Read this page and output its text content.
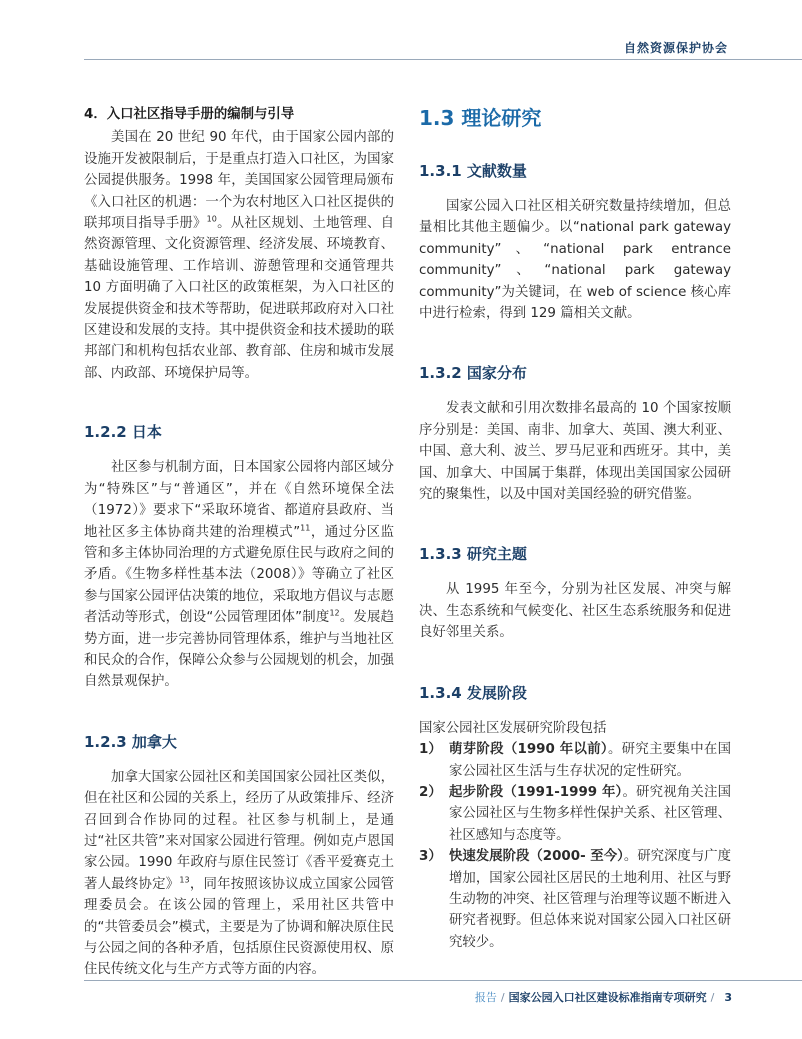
自然资源保护协会
4．入口社区指导手册的编制与引导

美国在 20 世纪 90 年代，由于国家公园内部的设施开发被限制后，于是重点打造入口社区，为国家公园提供服务。1998 年，美国国家公园管理局颁布《入口社区的机遇：一个为农村地区入口社区提供的联邦项目指导手册》$^{10}$。从社区规划、土地管理、自然资源管理、文化资源管理、经济发展、环境教育、基础设施管理、工作培训、游憩管理和交通管理共 10 方面明确了入口社区的政策框架，为入口社区的发展提供资金和技术等帮助，促进联邦政府对入口社区建设和发展的支持。其中提供资金和技术援助的联邦部门和机构包括农业部、教育部、住房和城市发展部、内政部、环境保护局等。

1.2.2 日本

社区参与机制方面，日本国家公园将内部区域分为“特殊区”与“普通区”，并在《自然环境保全法（1972）》要求下“采取环境省、都道府县政府、当地社区多主体协商共建的治理模式”$^{11}$，通过分区监管和多主体协同治理的方式避免原住民与政府之间的矛盾。《生物多样性基本法（2008）》等确立了社区参与国家公园评估决策的地位，采取地方倡议与志愿者活动等形式，创设“公园管理团体”制度$^{12}$。发展趋势方面，进一步完善协同管理体系，维护与当地社区和民众的合作，保障公众参与公园规划的机会，加强自然景观保护。

1.2.3 加拿大

加拿大国家公园社区和美国国家公园社区类似，但在社区和公园的关系上，经历了从政策排斥、经济召回到合作协同的过程。社区参与机制上，是通过“社区共管”来对国家公园进行管理。例如克卢恩国家公园。1990 年政府与原住民签订《香平爱赛克土著人最终协定》$^{13}$，同年按照该协议成立国家公园管理委员会。在该公园的管理上，采用社区共管中的“共管委员会”模式，主要是为了协调和解决原住民与公园之间的各种矛盾，包括原住民资源使用权、原住民传统文化与生产方式等方面的内容。

1.3 理论研究
1.3.1 文献数量

国家公园入口社区相关研究数量持续增加，但总量相比其他主题偏少。以“national park gateway community”、“national park entrance community”、“national park gateway community”为关键词，在 web of science 核心库中进行检索，得到 129 篇相关文献。

1.3.2 国家分布

发表文献和引用次数排名最高的 10 个国家按顺序分别是：美国、南非、加拿大、英国、澳大利亚、中国、意大利、波兰、罗马尼亚和西班牙。其中，美国、加拿大、中国属于集群，体现出美国国家公园研究的聚集性，以及中国对美国经验的研究借鉴。

1.3.3 研究主题

从 1995 年至今，分别为社区发展、冲突与解决、生态系统和气候变化、社区生态系统服务和促进良好邻里关系。

1.3.4 发展阶段

国家公园社区发展研究阶段包括

1） 萌芽阶段（1990 年以前）。研究主要集中在国家公园社区生活与生存状况的定性研究。
2） 起步阶段（1991-1999 年）。研究视角关注国家公园社区与生物多样性保护关系、社区管理、社区感知与态度等。
3） 快速发展阶段（2000- 至今）。研究深度与广度增加，国家公园社区居民的土地利用、社区与野生动物的冲突、社区管理与治理等议题不断进入研究者视野。但总体来说对国家公园入口社区研究较少。
报告 / 国家公园入口社区建设标准指南专项研究 / 3
